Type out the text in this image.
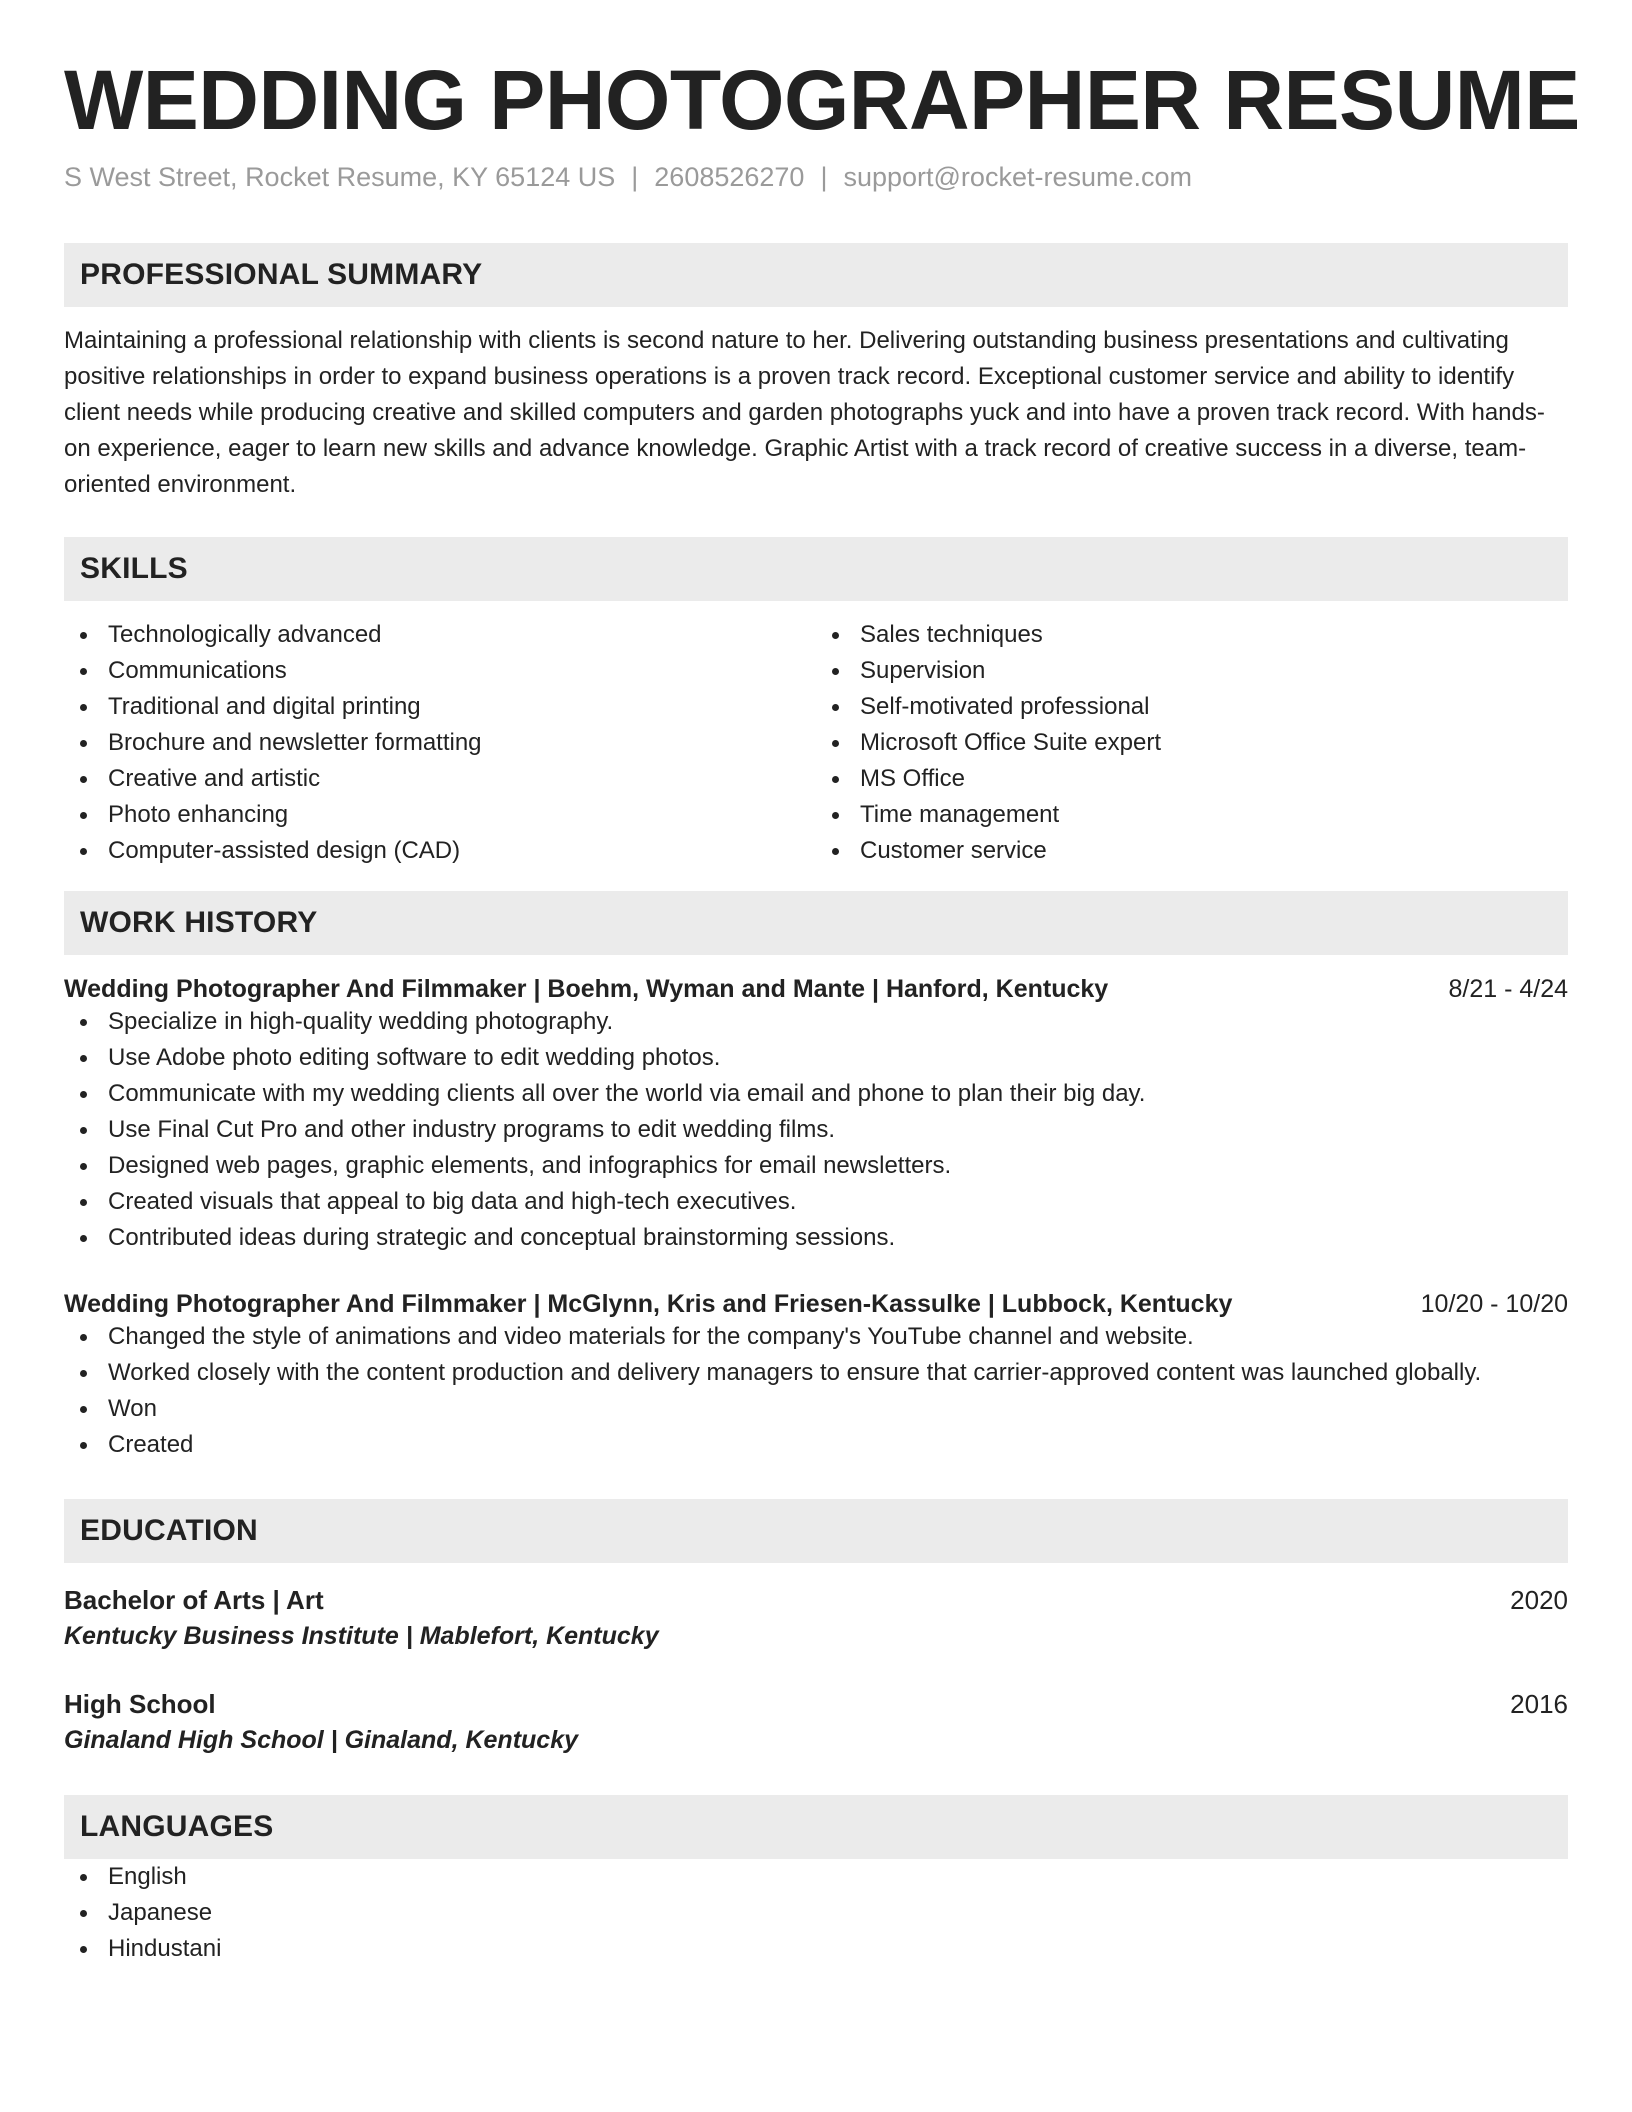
WEDDING PHOTOGRAPHER RESUME
S West Street, Rocket Resume, KY 65124 US | 2608526270 | support@rocket-resume.com
PROFESSIONAL SUMMARY
Maintaining a professional relationship with clients is second nature to her. Delivering outstanding business presentations and cultivating positive relationships in order to expand business operations is a proven track record. Exceptional customer service and ability to identify client needs while producing creative and skilled computers and garden photographs yuck and into have a proven track record. With hands-on experience, eager to learn new skills and advance knowledge. Graphic Artist with a track record of creative success in a diverse, team-oriented environment.
SKILLS
Technologically advanced
Communications
Traditional and digital printing
Brochure and newsletter formatting
Creative and artistic
Photo enhancing
Computer-assisted design (CAD)
Sales techniques
Supervision
Self-motivated professional
Microsoft Office Suite expert
MS Office
Time management
Customer service
WORK HISTORY
Wedding Photographer And Filmmaker | Boehm, Wyman and Mante | Hanford, Kentucky	8/21 - 4/24
Specialize in high-quality wedding photography.
Use Adobe photo editing software to edit wedding photos.
Communicate with my wedding clients all over the world via email and phone to plan their big day.
Use Final Cut Pro and other industry programs to edit wedding films.
Designed web pages, graphic elements, and infographics for email newsletters.
Created visuals that appeal to big data and high-tech executives.
Contributed ideas during strategic and conceptual brainstorming sessions.
Wedding Photographer And Filmmaker | McGlynn, Kris and Friesen-Kassulke | Lubbock, Kentucky	10/20 - 10/20
Changed the style of animations and video materials for the company's YouTube channel and website.
Worked closely with the content production and delivery managers to ensure that carrier-approved content was launched globally.
Won
Created
EDUCATION
Bachelor of Arts | Art	2020
Kentucky Business Institute | Mablefort, Kentucky
High School	2016
Ginaland High School | Ginaland, Kentucky
LANGUAGES
English
Japanese
Hindustani
